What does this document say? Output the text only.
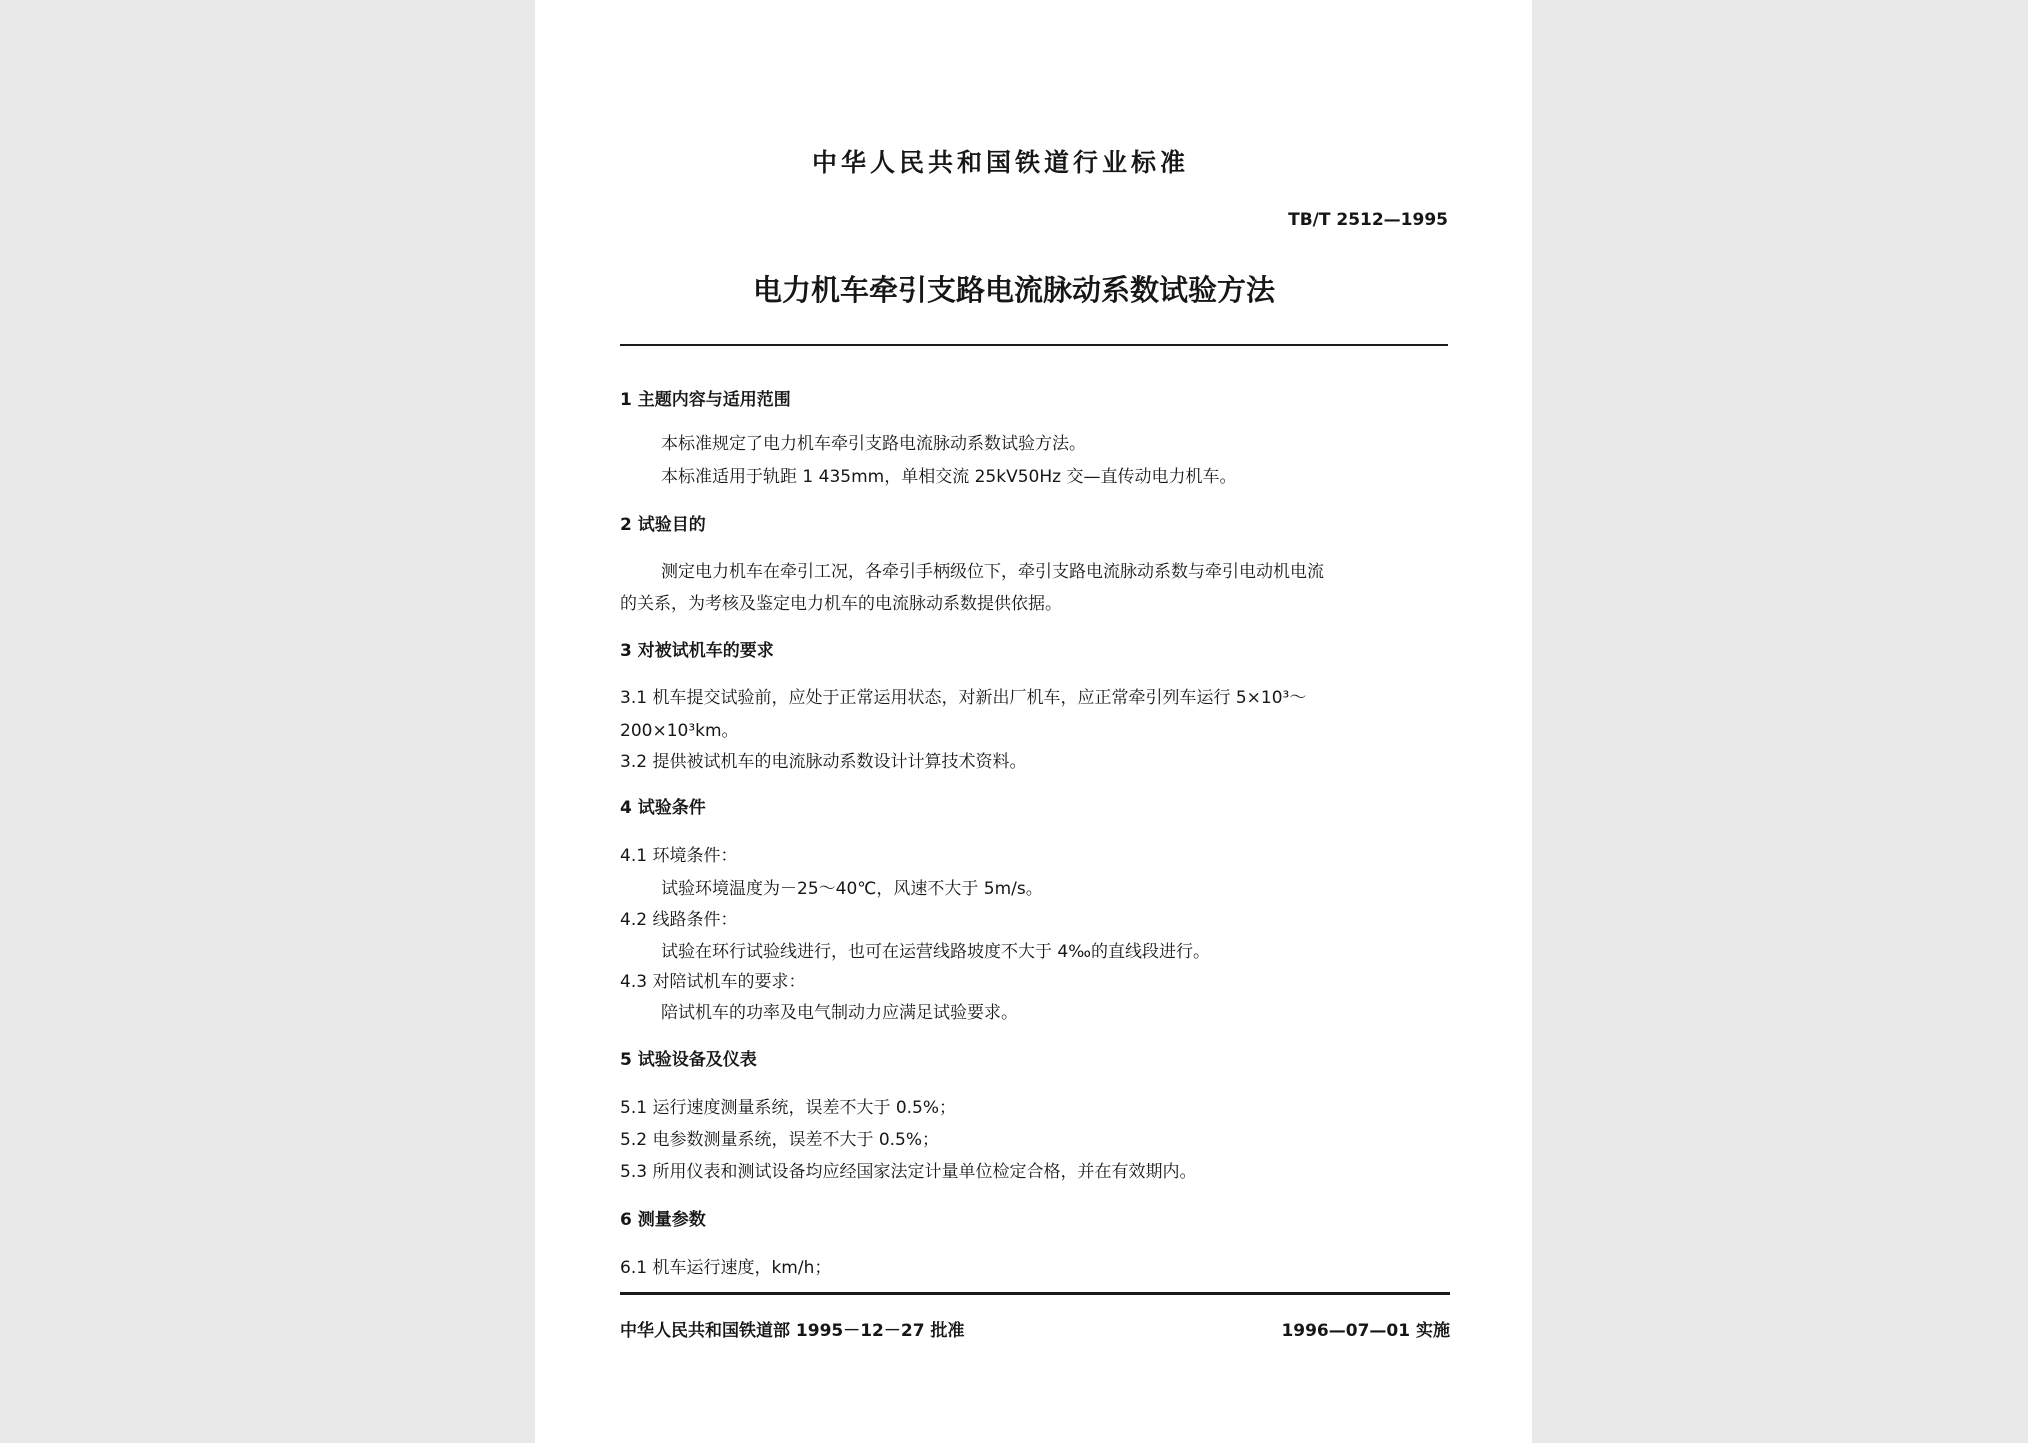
中华人民共和国铁道行业标准
TB/T 2512—1995
电力机车牵引支路电流脉动系数试验方法
1 主题内容与适用范围
本标准规定了电力机车牵引支路电流脉动系数试验方法。
本标准适用于轨距 1 435mm，单相交流 25kV50Hz 交—直传动电力机车。
2 试验目的
测定电力机车在牵引工况，各牵引手柄级位下，牵引支路电流脉动系数与牵引电动机电流
的关系，为考核及鉴定电力机车的电流脉动系数提供依据。
3 对被试机车的要求
3.1 机车提交试验前，应处于正常运用状态，对新出厂机车，应正常牵引列车运行 5×10³～
200×10³km。
3.2 提供被试机车的电流脉动系数设计计算技术资料。
4 试验条件
4.1 环境条件：
试验环境温度为－25～40℃，风速不大于 5m/s。
4.2 线路条件：
试验在环行试验线进行，也可在运营线路坡度不大于 4‰的直线段进行。
4.3 对陪试机车的要求：
陪试机车的功率及电气制动力应满足试验要求。
5 试验设备及仪表
5.1 运行速度测量系统，误差不大于 0.5%；
5.2 电参数测量系统，误差不大于 0.5%；
5.3 所用仪表和测试设备均应经国家法定计量单位检定合格，并在有效期内。
6 测量参数
6.1 机车运行速度，km/h；
中华人民共和国铁道部 1995－12－27 批准	1996—07—01 实施
